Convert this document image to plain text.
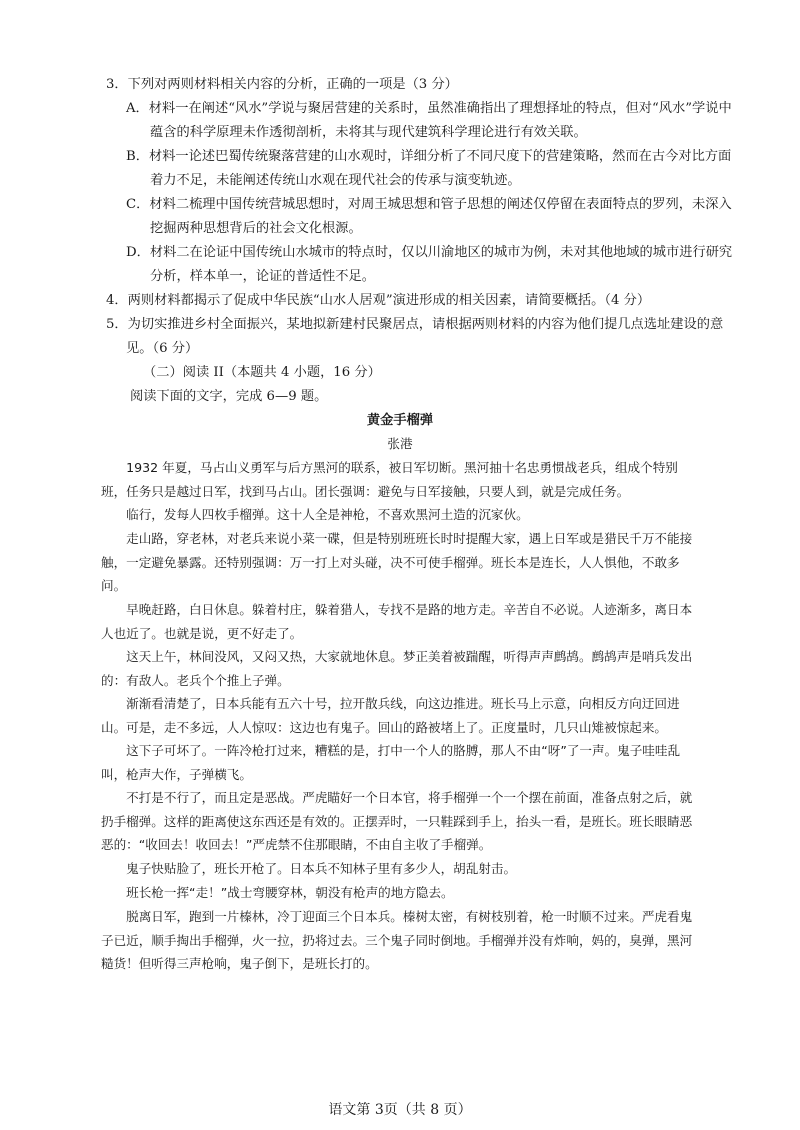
3．下列对两则材料相关内容的分析，正确的一项是（3 分）

A．材料一在阐述“风水”学说与聚居营建的关系时，虽然准确指出了理想择址的特点，但对“风水”学说中蕴含的科学原理未作透彻剖析，未将其与现代建筑科学理论进行有效关联。

B．材料一论述巴蜀传统聚落营建的山水观时，详细分析了不同尺度下的营建策略，然而在古今对比方面着力不足，未能阐述传统山水观在现代社会的传承与演变轨迹。

C．材料二梳理中国传统营城思想时，对周王城思想和管子思想的阐述仅停留在表面特点的罗列，未深入挖掘两种思想背后的社会文化根源。

D．材料二在论证中国传统山水城市的特点时，仅以川渝地区的城市为例，未对其他地域的城市进行研究分析，样本单一，论证的普适性不足。

4．两则材料都揭示了促成中华民族“山水人居观”演进形成的相关因素，请简要概括。（4 分）

5．为切实推进乡村全面振兴，某地拟新建村民聚居点，请根据两则材料的内容为他们提几点选址建设的意见。（6 分）

（二）阅读 II（本题共 4 小题，16 分）

阅读下面的文字，完成 6—9 题。

黄金手榴弹

张港

1932 年夏，马占山义勇军与后方黑河的联系，被日军切断。黑河抽十名忠勇惯战老兵，组成个特别班，任务只是越过日军，找到马占山。团长强调：避免与日军接触，只要人到，就是完成任务。

临行，发每人四枚手榴弹。这十人全是神枪，不喜欢黑河土造的沉家伙。

走山路，穿老林，对老兵来说小菜一碟，但是特别班班长时时提醒大家，遇上日军或是猎民千万不能接触，一定避免暴露。还特别强调：万一打上对头碰，决不可使手榴弹。班长本是连长，人人惧他，不敢多问。

早晚赶路，白日休息。躲着村庄，躲着猎人，专找不是路的地方走。辛苦自不必说。人迹渐多，离日本人也近了。也就是说，更不好走了。

这天上午，林间没风，又闷又热，大家就地休息。梦正美着被踹醒，听得声声鹧鸪。鹧鸪声是哨兵发出的：有敌人。老兵个个推上子弹。

渐渐看清楚了，日本兵能有五六十号，拉开散兵线，向这边推进。班长马上示意，向相反方向迂回进山。可是，走不多远，人人惊叹：这边也有鬼子。回山的路被堵上了。正度量时，几只山雉被惊起来。

这下子可坏了。一阵冷枪打过来，糟糕的是，打中一个人的胳膊，那人不由“呀”了一声。鬼子哇哇乱叫，枪声大作，子弹横飞。

不打是不行了，而且定是恶战。严虎瞄好一个日本官，将手榴弹一个一个摆在前面，准备点射之后，就扔手榴弹。这样的距离使这东西还是有效的。正摆弄时，一只鞋踩到手上，抬头一看，是班长。班长眼睛恶恶的：“收回去！收回去！”严虎禁不住那眼睛，不由自主收了手榴弹。

鬼子快贴脸了，班长开枪了。日本兵不知林子里有多少人，胡乱射击。

班长枪一挥“走！”战士弯腰穿林，朝没有枪声的地方隐去。

脱离日军，跑到一片榛林，冷丁迎面三个日本兵。榛树太密，有树枝别着，枪一时顺不过来。严虎看鬼子已近，顺手掏出手榴弹，火一拉，扔将过去。三个鬼子同时倒地。手榴弹并没有炸响，妈的，臭弹，黑河糙货！但听得三声枪响，鬼子倒下，是班长打的。

语文第 3页（共 8 页）
